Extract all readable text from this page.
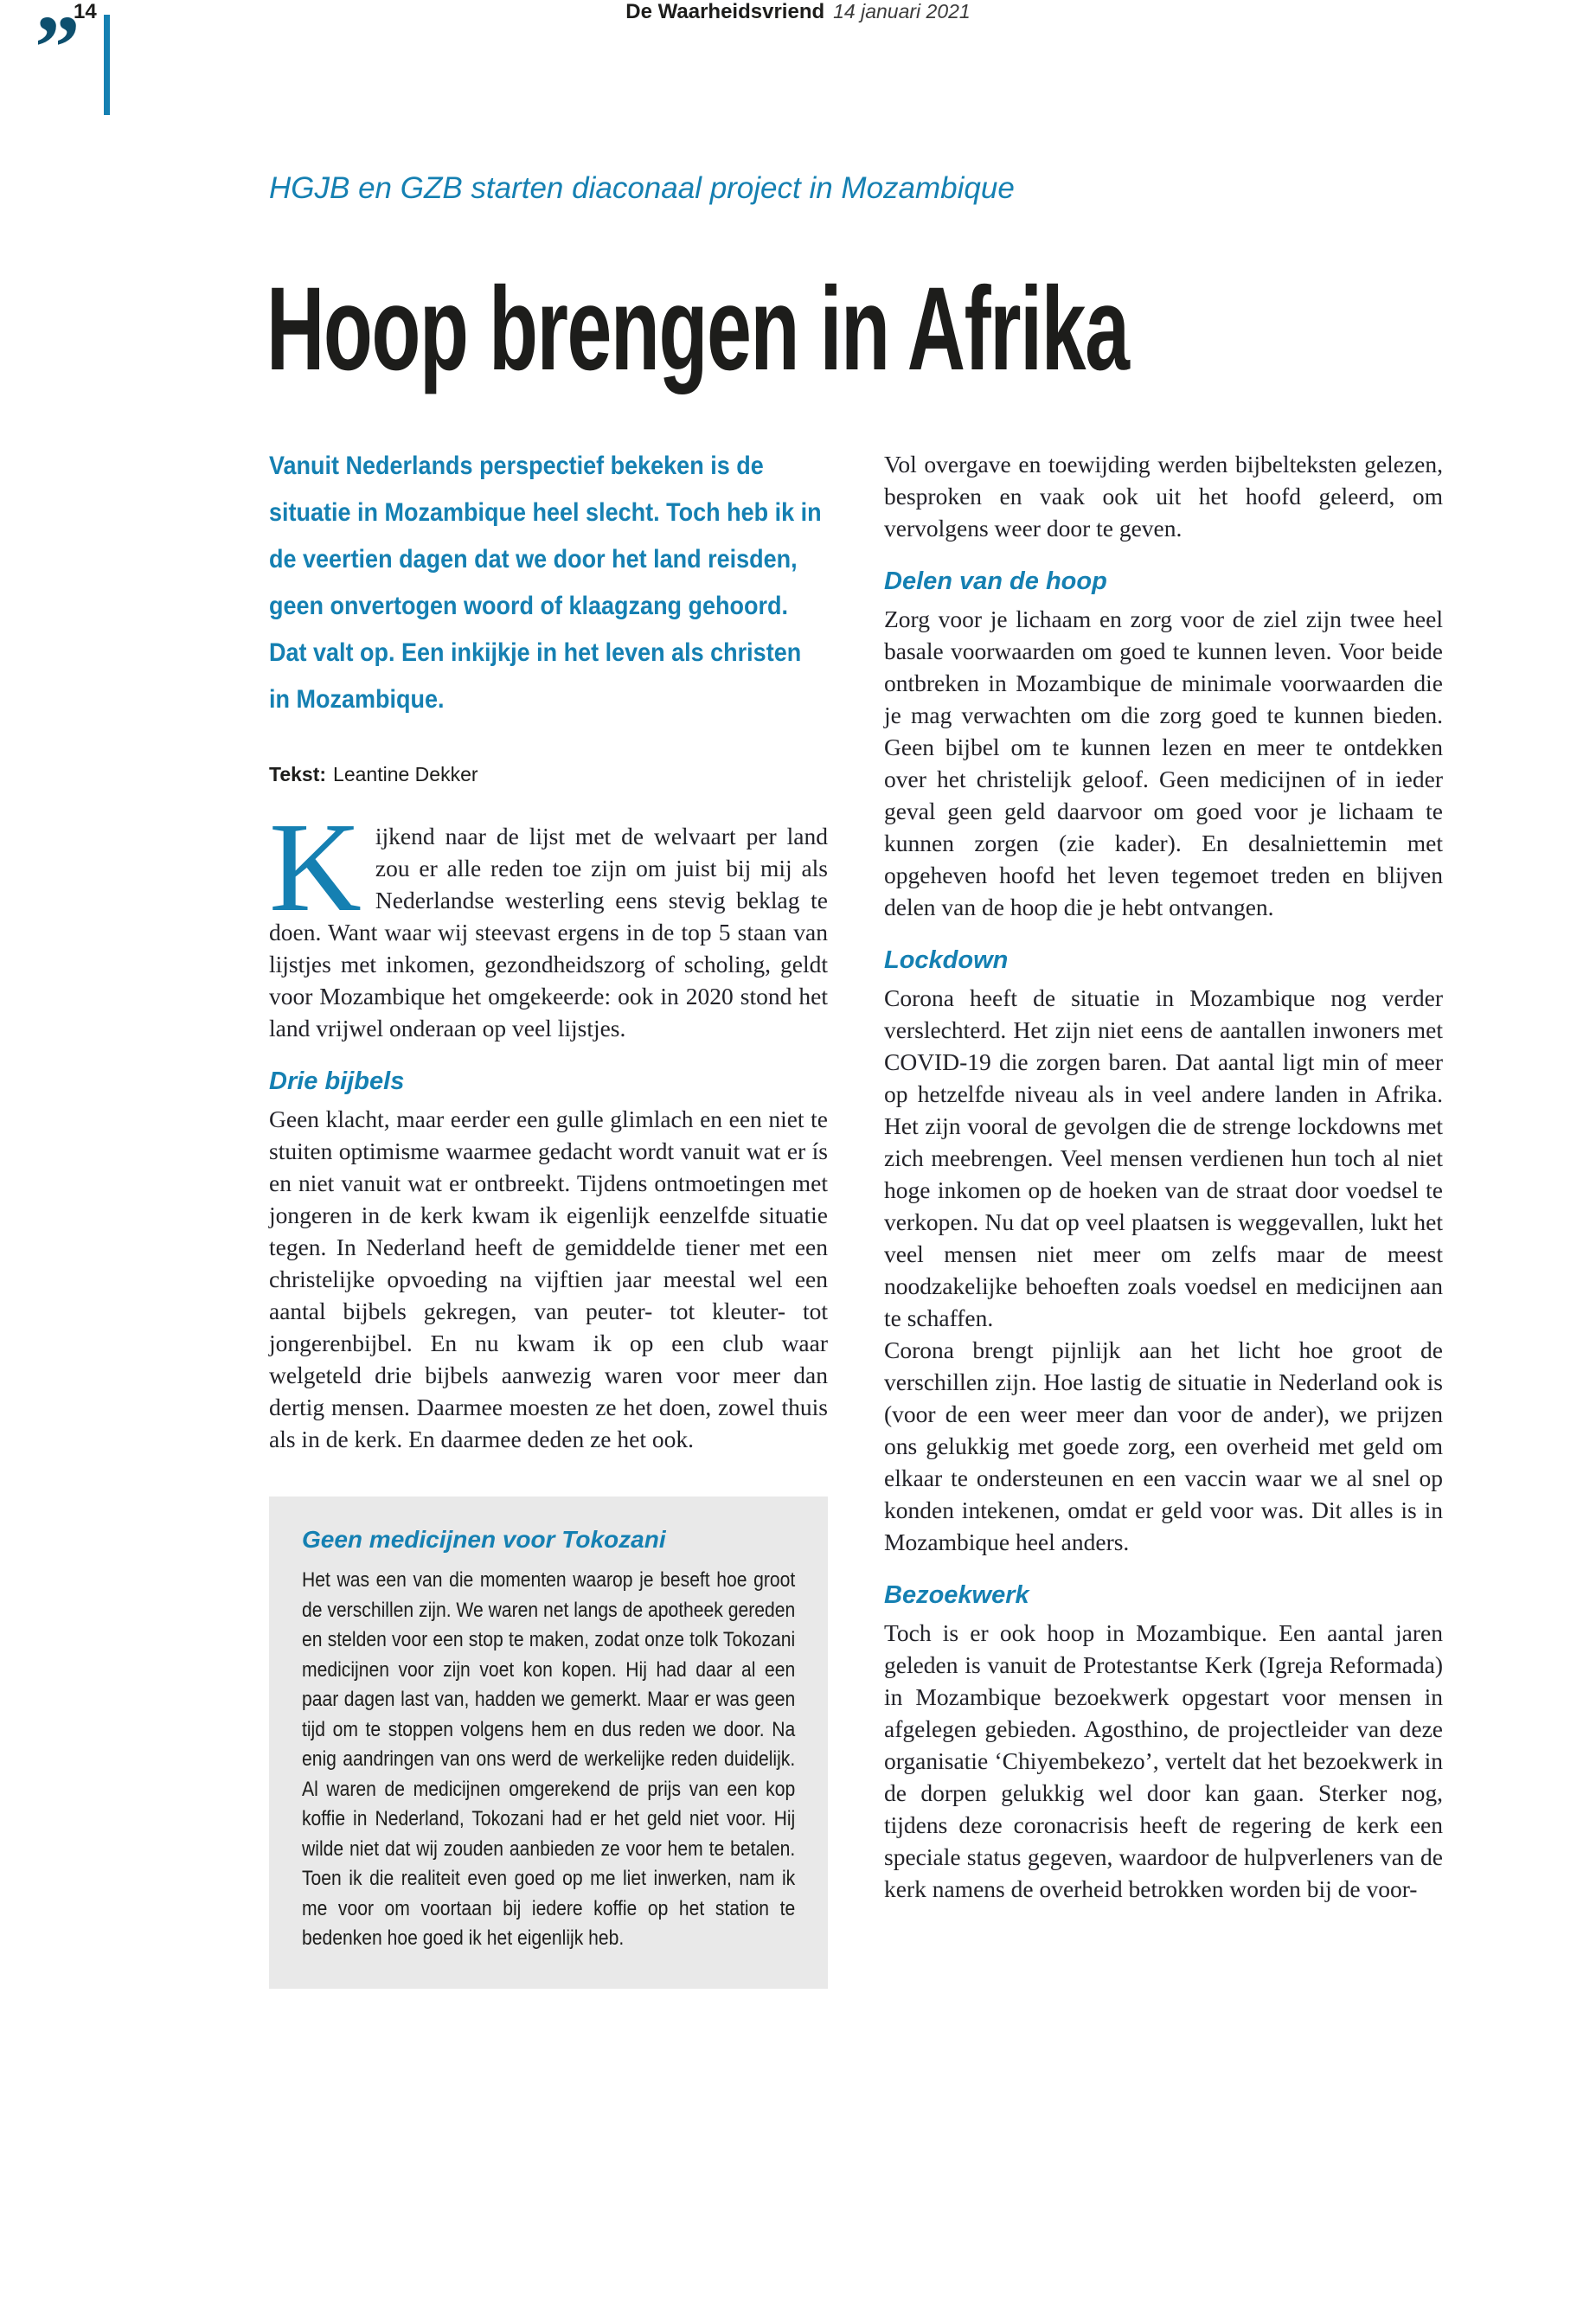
”
HGJB en GZB starten diaconaal project in Mozambique
Hoop brengen in Afrika
Vanuit Nederlands perspectief bekeken is de situatie in Mozambique heel slecht. Toch heb ik in de veertien dagen dat we door het land reisden, geen onvertogen woord of klaagzang gehoord. Dat valt op. Een inkijkje in het leven als christen in Mozambique.
Tekst: Leantine Dekker

Kijkend naar de lijst met de welvaart per land zou er alle reden toe zijn om juist bij mij als Nederlandse westerling eens stevig beklag te doen. Want waar wij steevast ergens in de top 5 staan van lijstjes met inkomen, gezondheidszorg of scholing, geldt voor Mozambique het omgekeerde: ook in 2020 stond het land vrijwel onderaan op veel lijstjes.

Drie bijbels

Geen klacht, maar eerder een gulle glimlach en een niet te stuiten optimisme waarmee gedacht wordt vanuit wat er ís en niet vanuit wat er ontbreekt. Tijdens ontmoetingen met jongeren in de kerk kwam ik eigenlijk eenzelfde situatie tegen. In Nederland heeft de gemiddelde tiener met een christelijke opvoeding na vijftien jaar meestal wel een aantal bijbels gekregen, van peuter- tot kleuter- tot jongerenbijbel. En nu kwam ik op een club waar welgeteld drie bijbels aanwezig waren voor meer dan dertig mensen. Daarmee moesten ze het doen, zowel thuis als in de kerk. En daarmee deden ze het ook.

Geen medicijnen voor Tokozani

Het was een van die momenten waarop je beseft hoe groot de verschillen zijn. We waren net langs de apotheek gereden en stelden voor een stop te maken, zodat onze tolk Tokozani medicijnen voor zijn voet kon kopen. Hij had daar al een paar dagen last van, hadden we gemerkt. Maar er was geen tijd om te stoppen volgens hem en dus reden we door. Na enig aandringen van ons werd de werkelijke reden duidelijk. Al waren de medicijnen omgerekend de prijs van een kop koffie in Nederland, Tokozani had er het geld niet voor. Hij wilde niet dat wij zouden aanbieden ze voor hem te betalen. Toen ik die realiteit even goed op me liet inwerken, nam ik me voor om voortaan bij iedere koffie op het station te bedenken hoe goed ik het eigenlijk heb.

Vol overgave en toewijding werden bijbelteksten gelezen, besproken en vaak ook uit het hoofd geleerd, om vervolgens weer door te geven.

Delen van de hoop

Zorg voor je lichaam en zorg voor de ziel zijn twee heel basale voorwaarden om goed te kunnen leven. Voor beide ontbreken in Mozambique de minimale voorwaarden die je mag verwachten om die zorg goed te kunnen bieden. Geen bijbel om te kunnen lezen en meer te ontdekken over het christelijk geloof. Geen medicijnen of in ieder geval geen geld daarvoor om goed voor je lichaam te kunnen zorgen (zie kader). En desalniettemin met opgeheven hoofd het leven tegemoet treden en blijven delen van de hoop die je hebt ontvangen.

Lockdown

Corona heeft de situatie in Mozambique nog verder verslechterd. Het zijn niet eens de aantallen inwoners met COVID-19 die zorgen baren. Dat aantal ligt min of meer op hetzelfde niveau als in veel andere landen in Afrika. Het zijn vooral de gevolgen die de strenge lockdowns met zich meebrengen. Veel mensen verdienen hun toch al niet hoge inkomen op de hoeken van de straat door voedsel te verkopen. Nu dat op veel plaatsen is weggevallen, lukt het veel mensen niet meer om zelfs maar de meest noodzakelijke behoeften zoals voedsel en medicijnen aan te schaffen.

Corona brengt pijnlijk aan het licht hoe groot de verschillen zijn. Hoe lastig de situatie in Nederland ook is (voor de een weer meer dan voor de ander), we prijzen ons gelukkig met goede zorg, een overheid met geld om elkaar te ondersteunen en een vaccin waar we al snel op konden intekenen, omdat er geld voor was. Dit alles is in Mozambique heel anders.

Bezoekwerk

Toch is er ook hoop in Mozambique. Een aantal jaren geleden is vanuit de Protestantse Kerk (Igreja Reformada) in Mozambique bezoekwerk opgestart voor mensen in afgelegen gebieden. Agosthino, de projectleider van deze organisatie ‘Chiyembekezo’, vertelt dat het bezoekwerk in de dorpen gelukkig wel door kan gaan. Sterker nog, tijdens deze coronacrisis heeft de regering de kerk een speciale status gegeven, waardoor de hulpverleners van de kerk namens de overheid betrokken worden bij de voor-

14	De Waarheidsvriend 14 januari 2021
